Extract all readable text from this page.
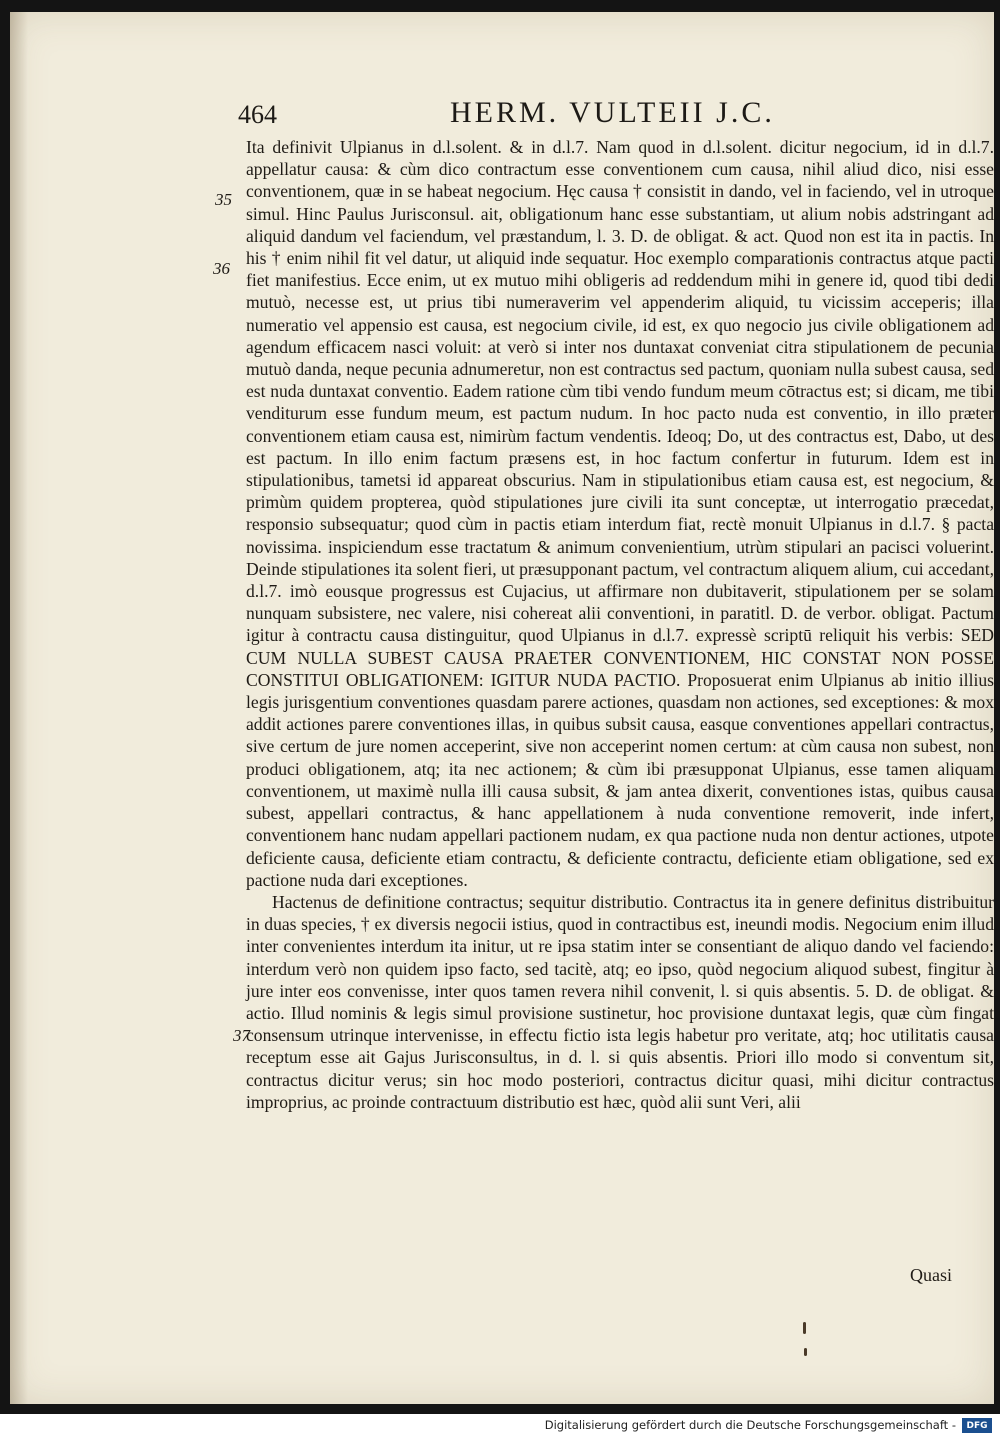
464	HERM. VULTEII J.C.
35
36
37

Ita definivit Ulpianus in d.l.solent. & in d.l.7. Nam quod in d.l.solent. dicitur negocium, id in d.l.7. appellatur causa: & cùm dico contractum esse conventionem cum causa, nihil aliud dico, nisi esse conventionem, quæ in se habeat negocium. Hęc causa † consistit in dando, vel in faciendo, vel in utroque simul. Hinc Paulus Jurisconsul. ait, obligationum hanc esse substantiam, ut alium nobis adstringant ad aliquid dandum vel faciendum, vel præstandum, l. 3. D. de obligat. & act. Quod non est ita in pactis. In his † enim nihil fit vel datur, ut aliquid inde sequatur. Hoc exemplo comparationis contractus atque pacti fiet manifestius. Ecce enim, ut ex mutuo mihi obligeris ad reddendum mihi in genere id, quod tibi dedi mutuò, necesse est, ut prius tibi numeraverim vel appenderim aliquid, tu vicissim acceperis; illa numeratio vel appensio est causa, est negocium civile, id est, ex quo negocio jus civile obligationem ad agendum efficacem nasci voluit: at verò si inter nos duntaxat conveniat citra stipulationem de pecunia mutuò danda, neque pecunia adnumeretur, non est contractus sed pactum, quoniam nulla subest causa, sed est nuda duntaxat conventio. Eadem ratione cùm tibi vendo fundum meum cōtractus est; si dicam, me tibi venditurum esse fundum meum, est pactum nudum. In hoc pacto nuda est conventio, in illo præter conventionem etiam causa est, nimirùm factum vendentis. Ideoq; Do, ut des contractus est, Dabo, ut des est pactum. In illo enim factum præsens est, in hoc factum confertur in futurum. Idem est in stipulationibus, tametsi id appareat obscurius. Nam in stipulationibus etiam causa est, est negocium, & primùm quidem propterea, quòd stipulationes jure civili ita sunt conceptæ, ut interrogatio præcedat, responsio subsequatur; quod cùm in pactis etiam interdum fiat, rectè monuit Ulpianus in d.l.7. § pacta novissima. inspiciendum esse tractatum & animum convenientium, utrùm stipulari an pacisci voluerint. Deinde stipulationes ita solent fieri, ut præsupponant pactum, vel contractum aliquem alium, cui accedant, d.l.7. imò eousque progressus est Cujacius, ut affirmare non dubitaverit, stipulationem per se solam nunquam subsistere, nec valere, nisi cohereat alii conventioni, in paratitl. D. de verbor. obligat. Pactum igitur à contractu causa distinguitur, quod Ulpianus in d.l.7. expressè scriptū reliquit his verbis: SED CUM NULLA SUBEST CAUSA PRAETER CONVENTIONEM, HIC CONSTAT NON POSSE CONSTITUI OBLIGATIONEM: IGITUR NUDA PACTIO. Proposuerat enim Ulpianus ab initio illius legis jurisgentium conventiones quasdam parere actiones, quasdam non actiones, sed exceptiones: & mox addit actiones parere conventiones illas, in quibus subsit causa, easque conventiones appellari contractus, sive certum de jure nomen acceperint, sive non acceperint nomen certum: at cùm causa non subest, non produci obligationem, atq; ita nec actionem; & cùm ibi præsupponat Ulpianus, esse tamen aliquam conventionem, ut maximè nulla illi causa subsit, & jam antea dixerit, conventiones istas, quibus causa subest, appellari contractus, & hanc appellationem à nuda conventione removerit, inde infert, conventionem hanc nudam appellari pactionem nudam, ex qua pactione nuda non dentur actiones, utpote deficiente causa, deficiente etiam contractu, & deficiente contractu, deficiente etiam obligatione, sed ex pactione nuda dari exceptiones.

Hactenus de definitione contractus; sequitur distributio. Contractus ita in genere definitus distribuitur in duas species, † ex diversis negocii istius, quod in contractibus est, ineundi modis. Negocium enim illud inter convenientes interdum ita initur, ut re ipsa statim inter se consentiant de aliquo dando vel faciendo: interdum verò non quidem ipso facto, sed tacitè, atq; eo ipso, quòd negocium aliquod subest, fingitur à jure inter eos convenisse, inter quos tamen revera nihil convenit, l. si quis absentis. 5. D. de obligat. & actio. Illud nominis & legis simul provisione sustinetur, hoc provisione duntaxat legis, quæ cùm fingat consensum utrinque intervenisse, in effectu fictio ista legis habetur pro veritate, atq; hoc utilitatis causa receptum esse ait Gajus Jurisconsultus, in d. l. si quis absentis. Priori illo modo si conventum sit, contractus dicitur verus; sin hoc modo posteriori, contractus dicitur quasi, mihi dicitur contractus improprius, ac proinde contractuum distributio est hæc, quòd alii sunt Veri, alii

Quasi
Digitalisierung gefördert durch die Deutsche Forschungsgemeinschaft -	DFG
